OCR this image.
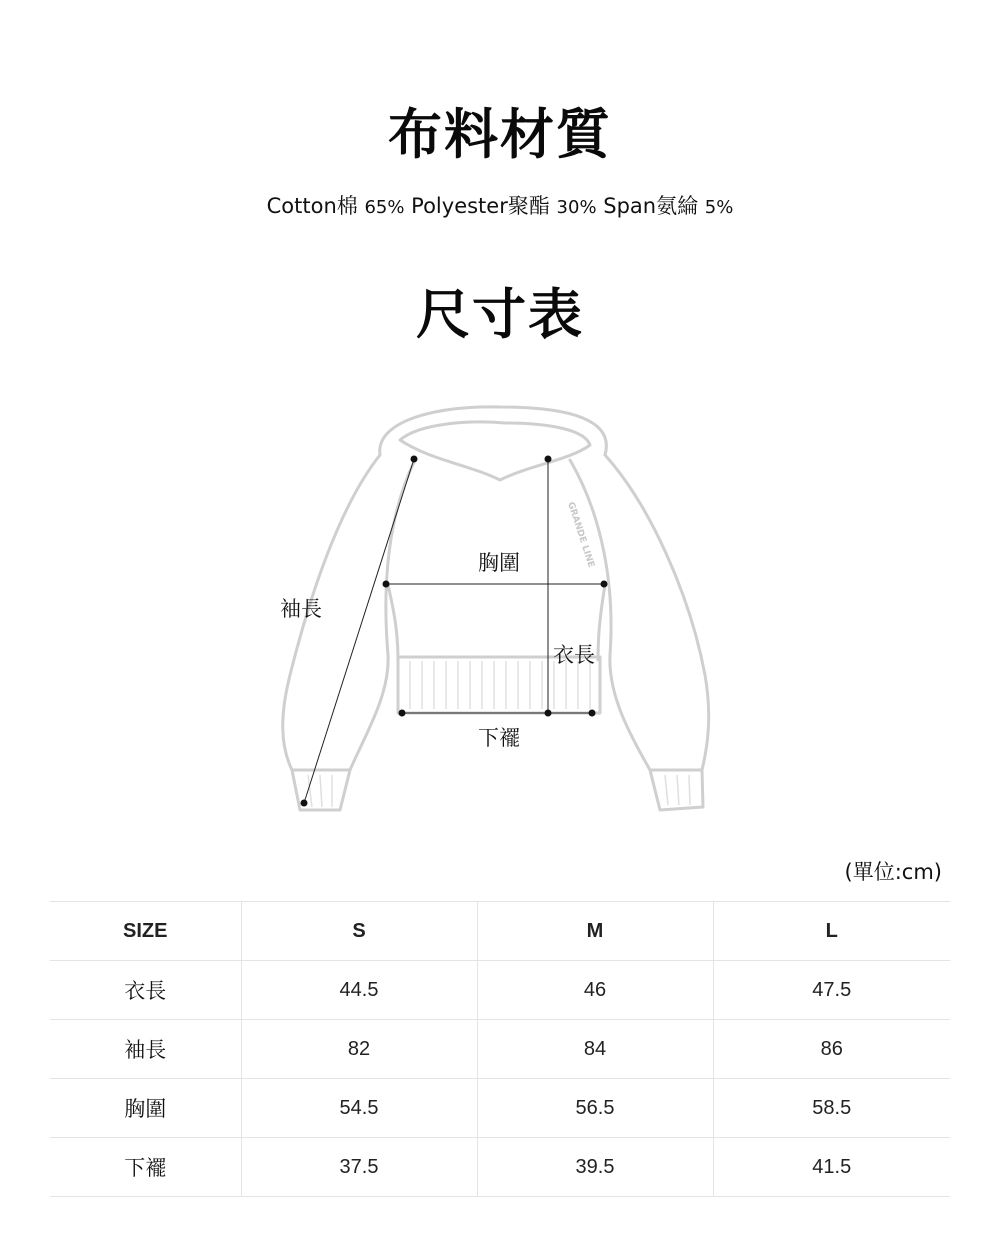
布料材質
Cotton棉 65% Polyester聚酯 30% Span氨綸 5%
尺寸表
GRANDE LINE
袖長
胸圍
衣長
下襬
(單位:cm)
SIZE	S	M	L
衣長	44.5	46	47.5
袖長	82	84	86
胸圍	54.5	56.5	58.5
下襬	37.5	39.5	41.5
